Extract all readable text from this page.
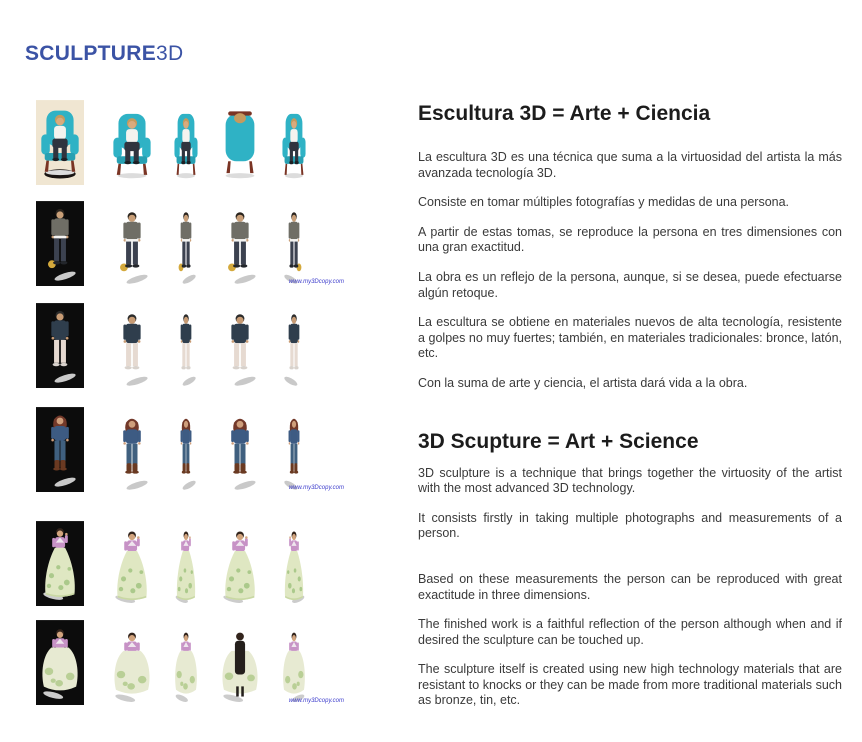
SCULPTURE3D
www.my3Dcopy.com
www.my3Dcopy.com
www.my3Dcopy.com
Escultura 3D = Arte + Ciencia

La escultura 3D es una técnica que suma a la virtuosidad del artista la más avanzada tecnología 3D.

Consiste en tomar múltiples fotografías y medidas de una persona.

A partir de estas tomas, se reproduce la persona en tres dimensiones con una gran exactitud.

La obra es un reflejo de la persona, aunque, si se desea, puede efectuarse algún retoque.

La escultura se obtiene en materiales nuevos de alta tecnología, resistente a golpes no muy fuertes; también, en materiales tradicionales: bronce, latón, etc.

Con la suma de arte y ciencia, el artista dará vida a la obra.

3D Scupture = Art + Science

3D sculpture is a technique that brings together the virtuosity of the artist with the most advanced 3D technology.

It consists firstly in taking multiple photographs and measurements of a person.

Based on these measurements the person can be reproduced with great exactitude in three dimensions.

The finished work is a faithful reflection of the person although when and if desired the sculpture can be touched up.

The sculpture itself is created using new high technology materials that are resistant to knocks or they can be made from more traditional materials such as bronze, tin, etc.
